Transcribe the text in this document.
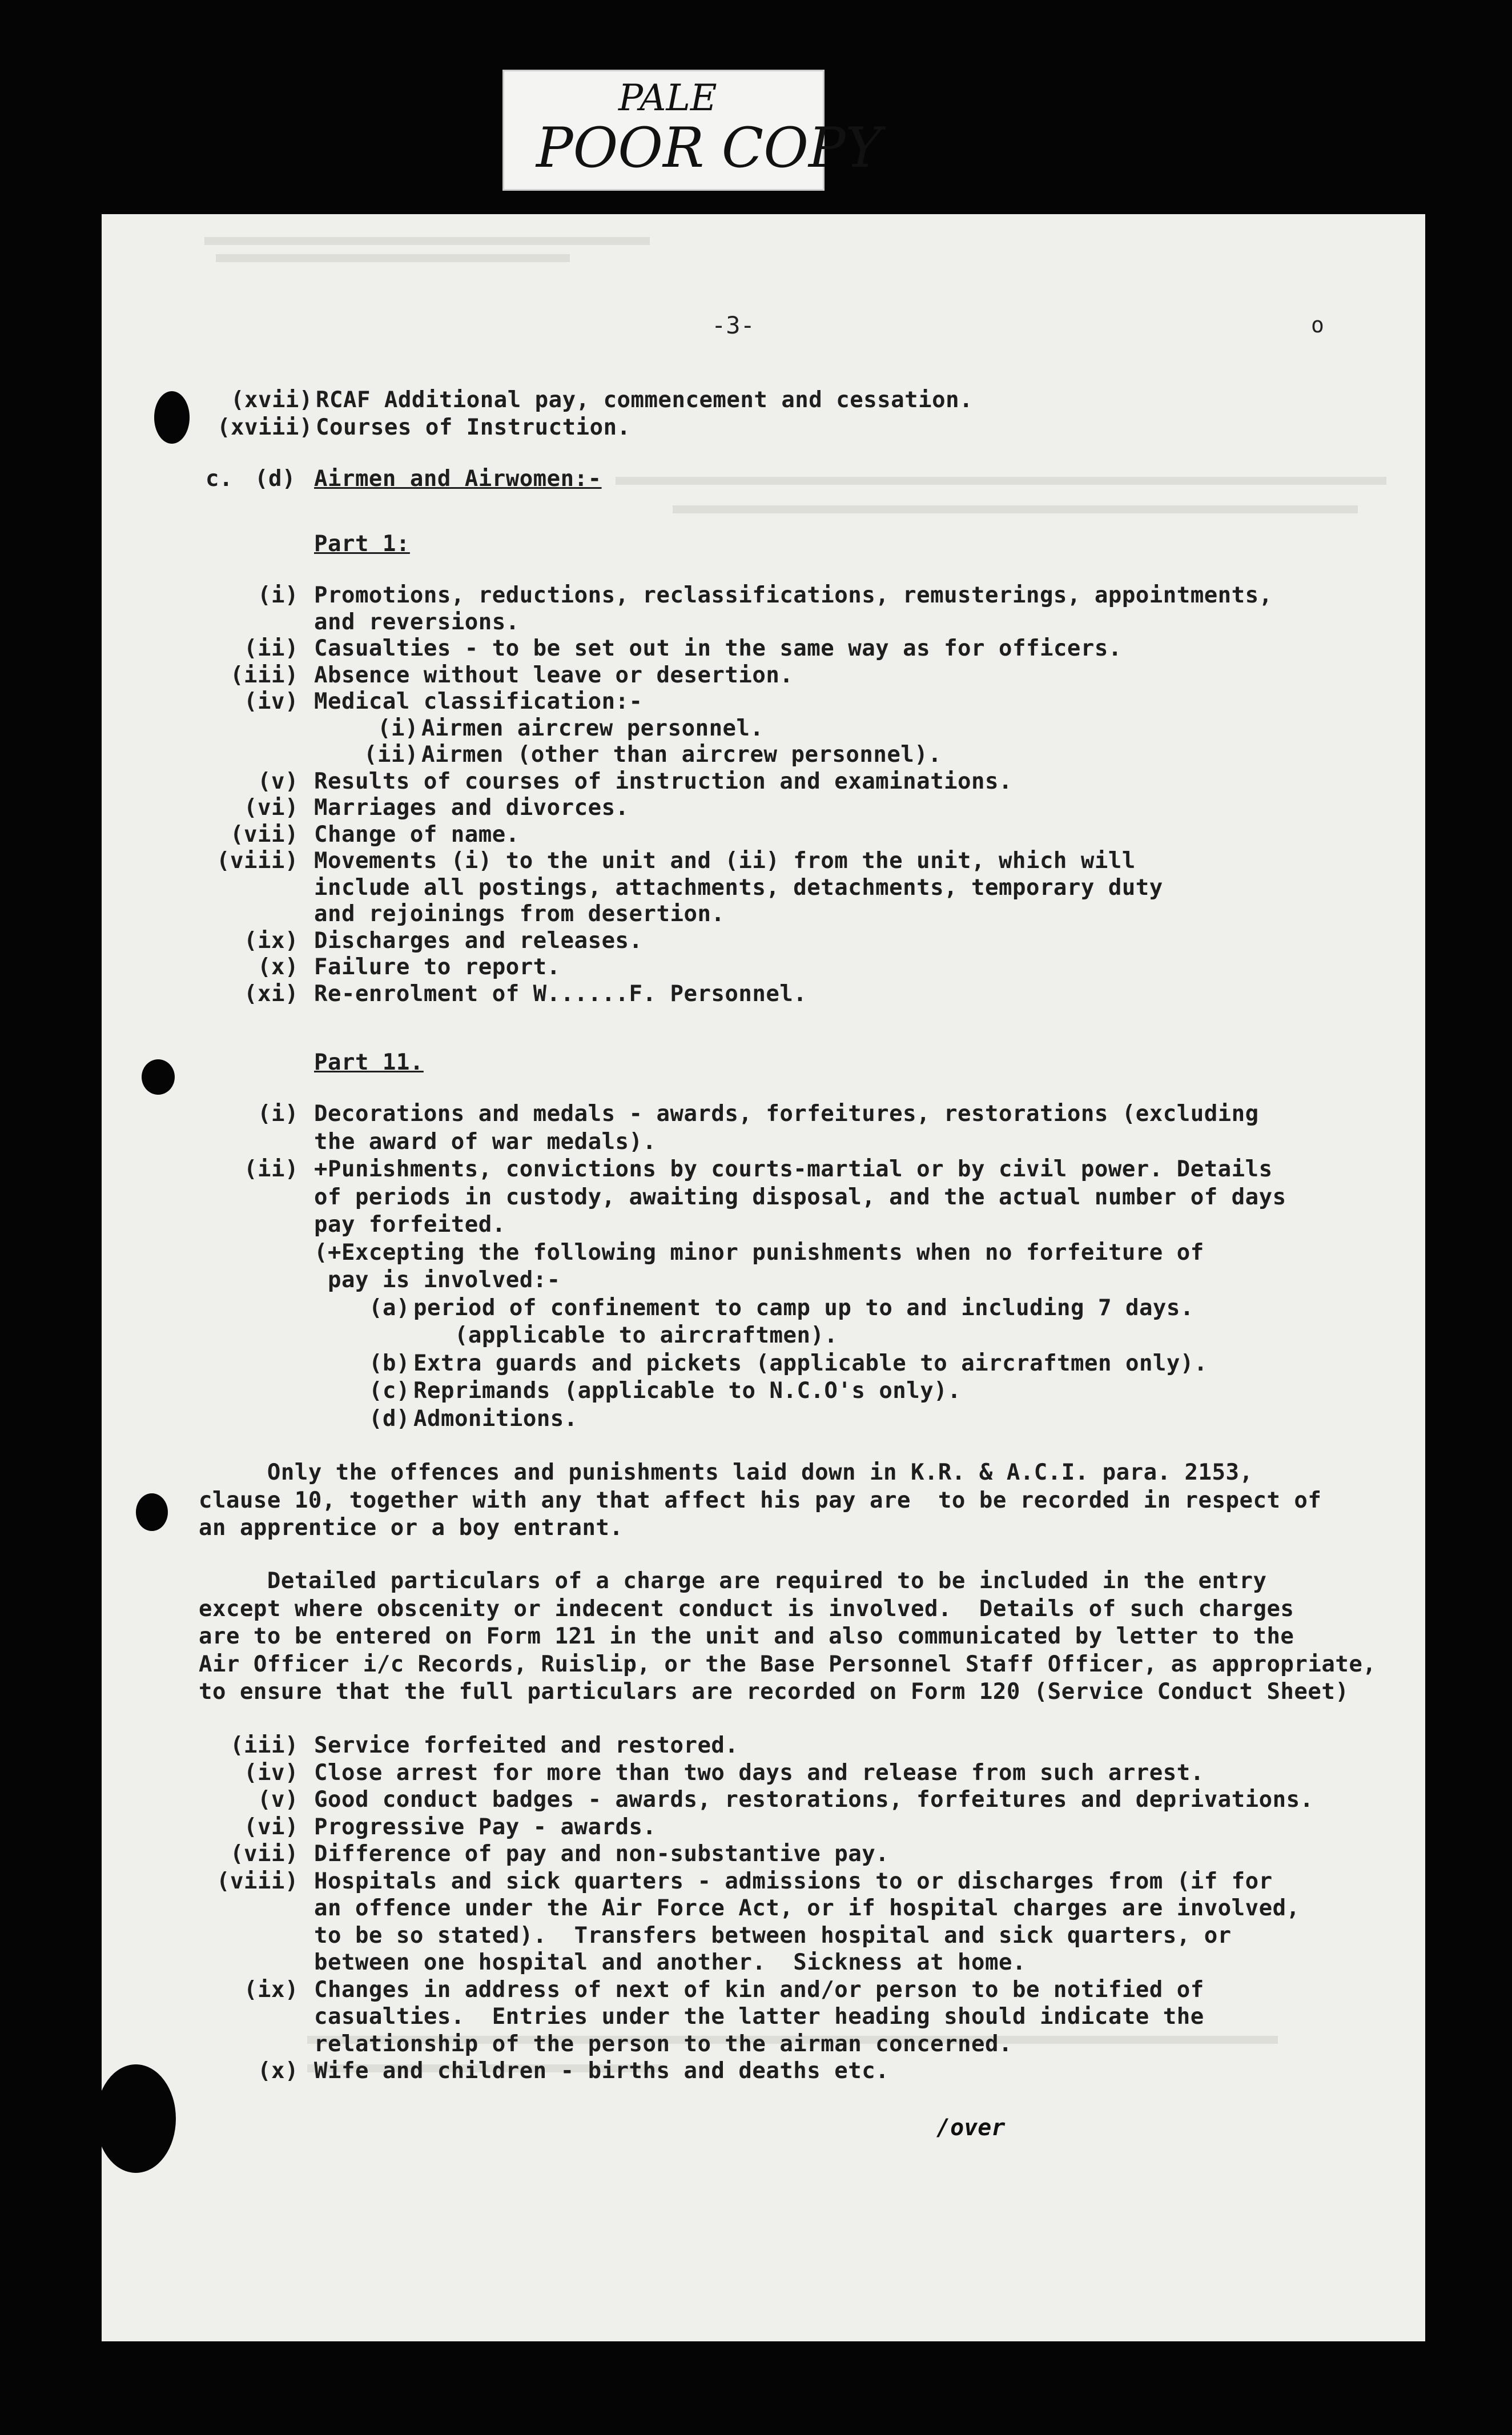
PALE
POOR COPY
-3-	o
(xvii) RCAF Additional pay, commencement and cessation.
(xviii) Courses of Instruction.
c. (d) Airmen and Airwomen:-
Part 1:
(i) Promotions, reductions, reclassifications, remusterings, appointments,
and reversions.
(ii) Casualties - to be set out in the same way as for officers.
(iii) Absence without leave or desertion.
(iv) Medical classification:-
(i) Airmen aircrew personnel.
(ii) Airmen (other than aircrew personnel).
(v) Results of courses of instruction and examinations.
(vi) Marriages and divorces.
(vii) Change of name.
(viii) Movements (i) to the unit and (ii) from the unit, which will
include all postings, attachments, detachments, temporary duty
and rejoinings from desertion.
(ix) Discharges and releases.
(x) Failure to report.
(xi) Re-enrolment of W......F. Personnel.
Part 11.
(i) Decorations and medals - awards, forfeitures, restorations (excluding
the award of war medals).
(ii) +Punishments, convictions by courts-martial or by civil power. Details
of periods in custody, awaiting disposal, and the actual number of days
pay forfeited.
(+Excepting the following minor punishments when no forfeiture of
pay is involved:-
(a) period of confinement to camp up to and including 7 days.
(applicable to aircraftmen).
(b) Extra guards and pickets (applicable to aircraftmen only).
(c) Reprimands (applicable to N.C.O's only).
(d) Admonitions.
Only the offences and punishments laid down in K.R. & A.C.I. para. 2153,
clause 10, together with any that affect his pay are  to be recorded in respect of
an apprentice or a boy entrant.
Detailed particulars of a charge are required to be included in the entry
except where obscenity or indecent conduct is involved.  Details of such charges
are to be entered on Form 121 in the unit and also communicated by letter to the
Air Officer i/c Records, Ruislip, or the Base Personnel Staff Officer, as appropriate,
to ensure that the full particulars are recorded on Form 120 (Service Conduct Sheet)
(iii) Service forfeited and restored.
(iv) Close arrest for more than two days and release from such arrest.
(v) Good conduct badges - awards, restorations, forfeitures and deprivations.
(vi) Progressive Pay - awards.
(vii) Difference of pay and non-substantive pay.
(viii) Hospitals and sick quarters - admissions to or discharges from (if for
an offence under the Air Force Act, or if hospital charges are involved,
to be so stated).  Transfers between hospital and sick quarters, or
between one hospital and another.  Sickness at home.
(ix) Changes in address of next of kin and/or person to be notified of
casualties.  Entries under the latter heading should indicate the
relationship of the person to the airman concerned.
(x) Wife and children - births and deaths etc.
/over
